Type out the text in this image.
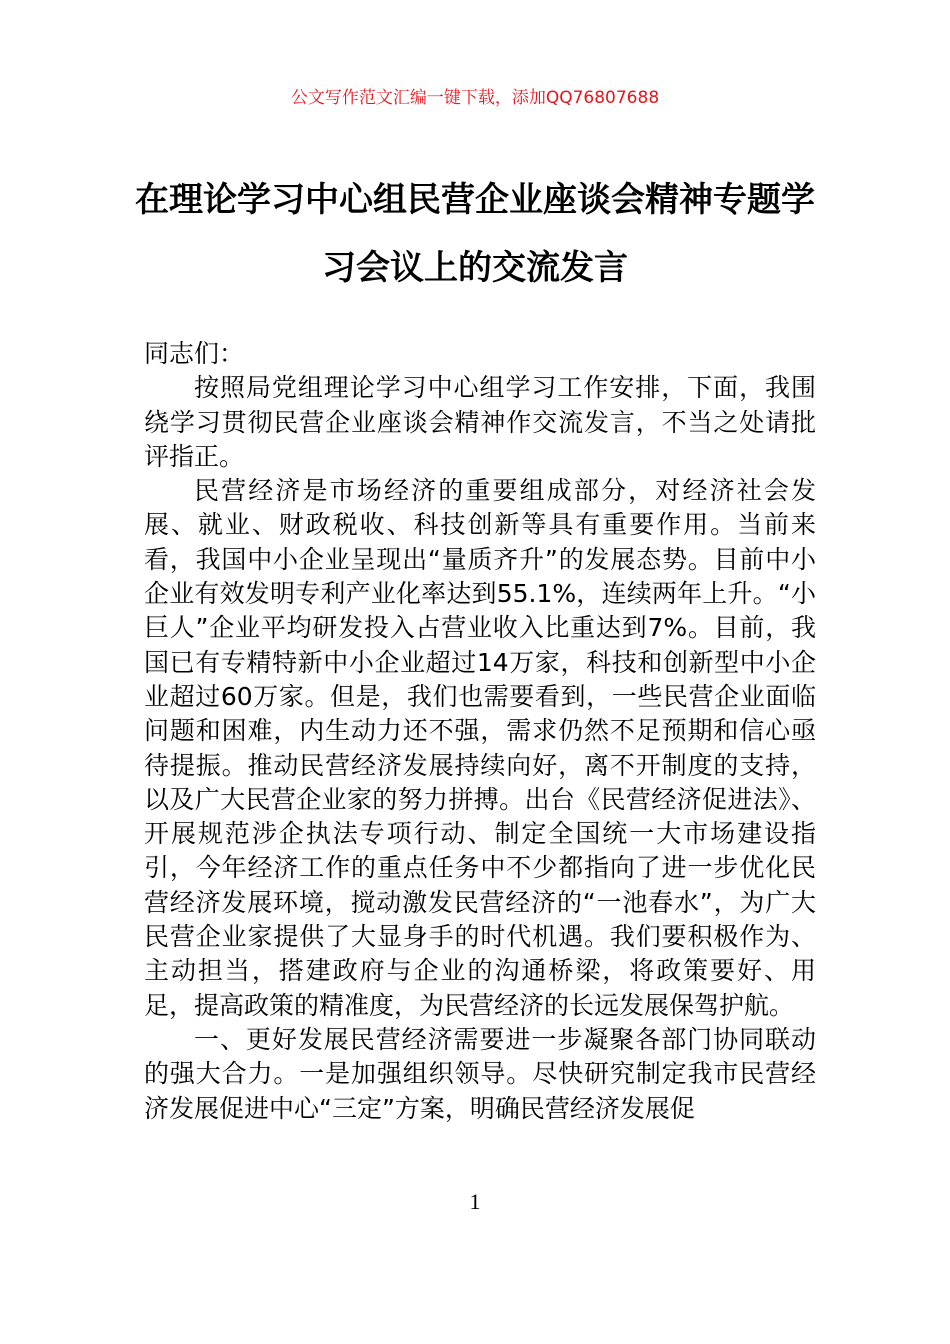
公文写作范文汇编一键下载，添加QQ76807688
在理论学习中心组民营企业座谈会精神专题学习会议上的交流发言

同志们：

按照局党组理论学习中心组学习工作安排，下面，我围绕学习贯彻民营企业座谈会精神作交流发言，不当之处请批评指正。

民营经济是市场经济的重要组成部分，对经济社会发展、就业、财政税收、科技创新等具有重要作用。当前来看，我国中小企业呈现出“量质齐升”的发展态势。目前中小企业有效发明专利产业化率达到55.1%，连续两年上升。“小巨人”企业平均研发投入占营业收入比重达到7%。目前，我国已有专精特新中小企业超过14万家，科技和创新型中小企业超过60万家。但是，我们也需要看到，一些民营企业面临问题和困难，内生动力还不强，需求仍然不足预期和信心亟待提振。推动民营经济发展持续向好，离不开制度的支持，以及广大民营企业家的努力拼搏。出台《民营经济促进法》、开展规范涉企执法专项行动、制定全国统一大市场建设指引，今年经济工作的重点任务中不少都指向了进一步优化民营经济发展环境，搅动激发民营经济的“一池春水”，为广大民营企业家提供了大显身手的时代机遇。我们要积极作为、主动担当，搭建政府与企业的沟通桥梁，将政策要好、用足，提高政策的精准度，为民营经济的长远发展保驾护航。

一、更好发展民营经济需要进一步凝聚各部门协同联动的强大合力。一是加强组织领导。尽快研究制定我市民营经济发展促进中心“三定”方案，明确民营经济发展促

1
